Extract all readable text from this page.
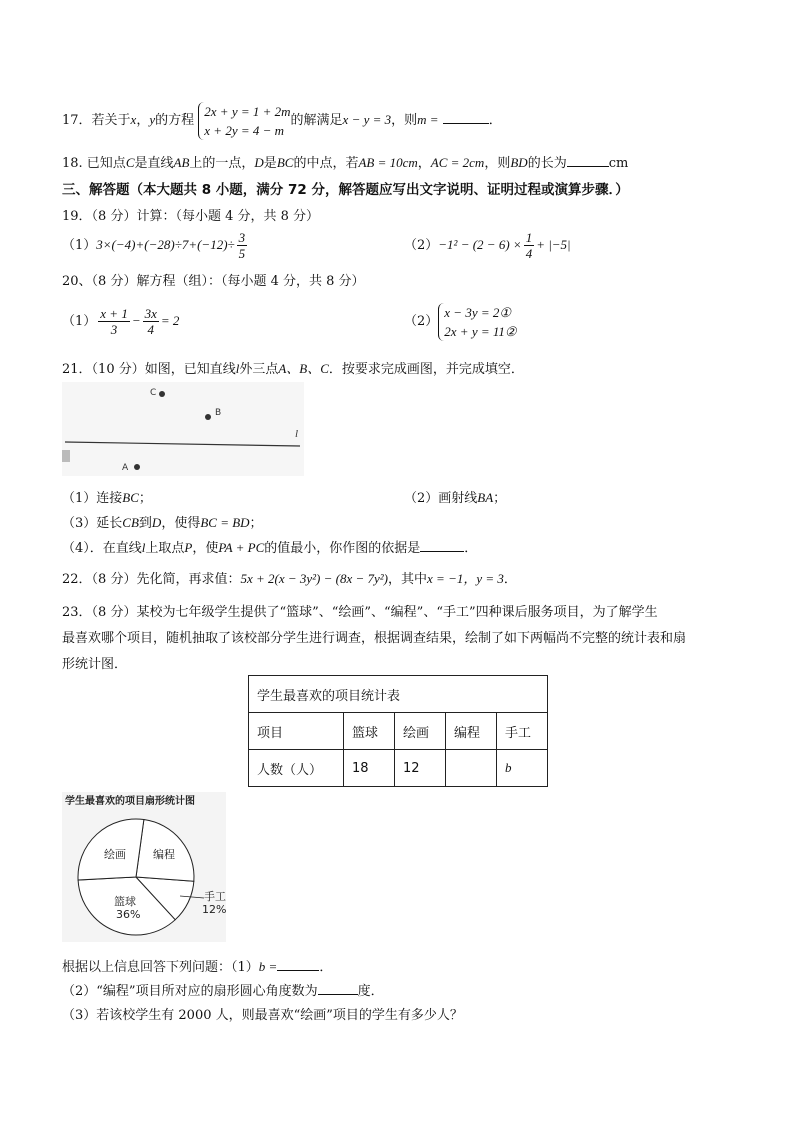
17．若关于x，y的方程
2x + y = 1 + 2m
x + 2y = 4 − m
的解满足x − y = 3，则m =	．
18. 已知点C是直线AB上的一点，D是BC的中点，若AB = 10cm，AC = 2cm，则BD的长为	cm
三、解答题（本大题共 8 小题，满分 72 分，解答题应写出文字说明、证明过程或演算步骤．）
19．（8 分）计算：（每小题 4 分，共 8 分）
$(1)3\times(-4)+(-28)\div 7+(-12)\div \frac{3}{5}$	$(2)-1^2 - (2 - 6) \times \frac{1}{4} + |-5|$
20、（8 分）解方程（组）：（每小题 4 分，共 8 分）
$(1) \frac{x + 1}{3} - \frac{3x}{4} = 2$	（2）
x − 3y = 2①
2x + y = 11②
21．（10 分）如图，已知直线l外三点A、B、C．按要求完成画图，并完成填空．
C
B
l
A
（1）连接BC；	（2）画射线BA；
（3）延长CB到D，使得BC = BD；
（4）．在直线l上取点P，使PA + PC的值最小，你作图的依据是	．
22．（8 分）先化简，再求值：5x + 2(x − 3y²) − (8x − 7y²)，其中x = −1，y = 3．
23．（8 分）某校为七年级学生提供了“篮球”、“绘画”、“编程”、“手工”四种课后服务项目，为了解学生
最喜欢哪个项目，随机抽取了该校部分学生进行调查，根据调查结果，绘制了如下两幅尚不完整的统计表和扇
形统计图．
学生最喜欢的项目统计表				
项目	篮球	绘画	编程	手工
人数（人）	18	12		b
学生最喜欢的项目扇形统计图
绘画 编程
篮球
36%
手工
12%
根据以上信息回答下列问题：（1）b =	．
（2）“编程”项目所对应的扇形圆心角度数为	度．
（3）若该校学生有 2000 人，则最喜欢“绘画”项目的学生有多少人？
